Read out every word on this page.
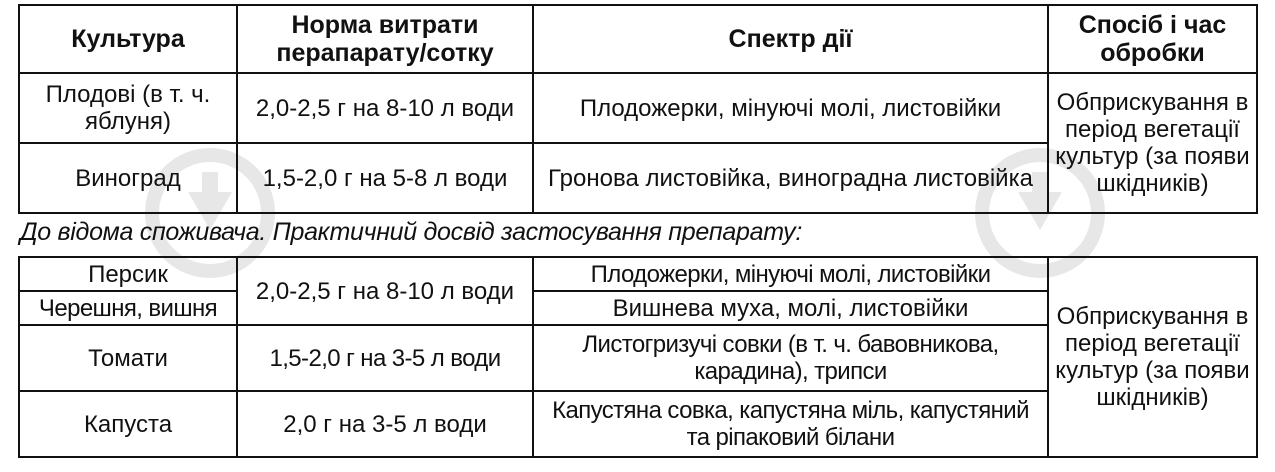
Культура	Норма витрати перапарату/сотку	Спектр дії	Спосіб і час обробки
Плодові (в т. ч. яблуня)	2,0-2,5 г на 8-10 л води	Плодожерки, мінуючі молі, листовійки	Обприскування в період вегетації культур (за появи шкідників)
Виноград	1,5-2,0 г на 5-8 л води	Гронова листовійка, виноградна листовійка	
До відома споживача. Практичний досвід застосування препарату:
Персик	2,0-2,5 г на 8-10 л води	Плодожерки, мінуючі молі, листовійки	Обприскування в період вегетації культур (за появи шкідників)
Черешня, вишня		Вишнева муха, молі, листовійки	
Томати	1,5-2,0 г на 3-5 л води	Листогризучі совки (в т. ч. бавовникова, карадина), трипси	
Капуста	2,0 г на 3-5 л води	Капустяна совка, капустяна міль, капустяний та ріпаковий білани	
